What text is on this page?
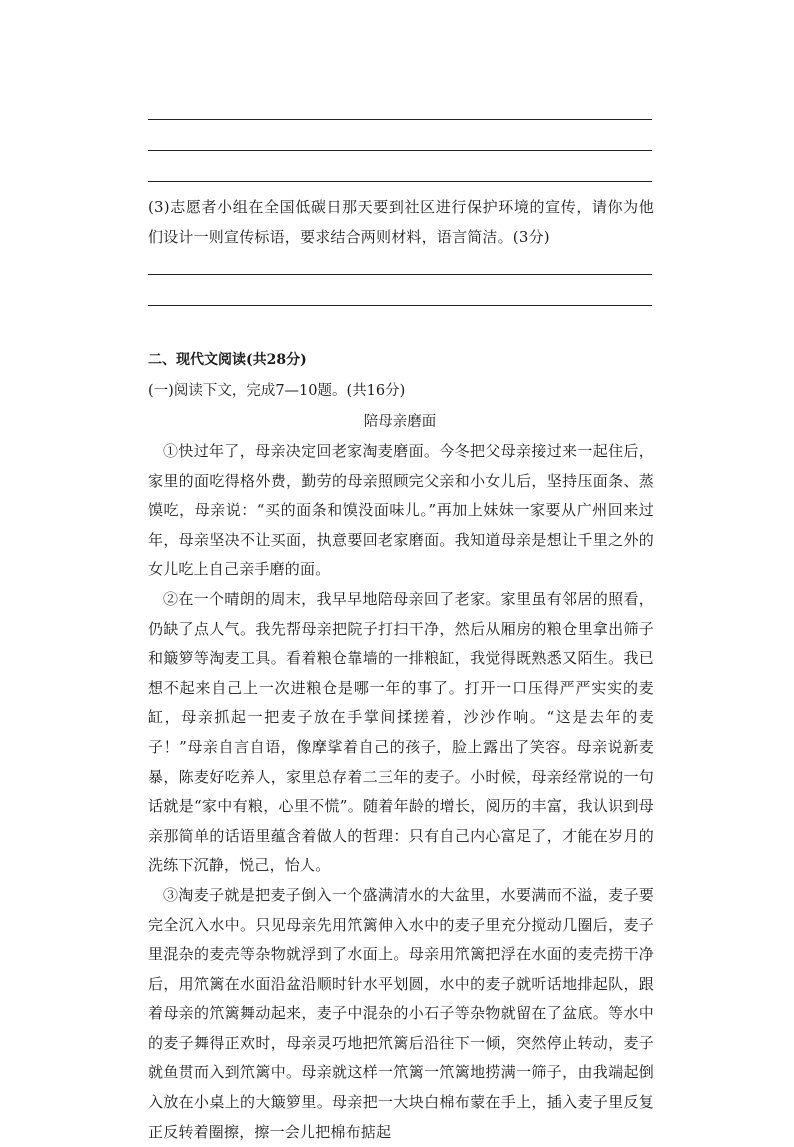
(3)志愿者小组在全国低碳日那天要到社区进行保护环境的宣传，请你为他们设计一则宣传标语，要求结合两则材料，语言简洁。(3分)

二、现代文阅读(共28分)
(一)阅读下文，完成7—10题。(共16分)
陪母亲磨面

①快过年了，母亲决定回老家淘麦磨面。今冬把父母亲接过来一起住后，家里的面吃得格外费，勤劳的母亲照顾完父亲和小女儿后，坚持压面条、蒸馍吃，母亲说：“买的面条和馍没面味儿。”再加上妹妹一家要从广州回来过年，母亲坚决不让买面，执意要回老家磨面。我知道母亲是想让千里之外的女儿吃上自己亲手磨的面。

②在一个晴朗的周末，我早早地陪母亲回了老家。家里虽有邻居的照看，仍缺了点人气。我先帮母亲把院子打扫干净，然后从厢房的粮仓里拿出筛子和簸箩等淘麦工具。看着粮仓靠墙的一排粮缸，我觉得既熟悉又陌生。我已想不起来自己上一次进粮仓是哪一年的事了。打开一口压得严严实实的麦缸，母亲抓起一把麦子放在手掌间揉搓着，沙沙作响。“这是去年的麦子！”母亲自言自语，像摩挲着自己的孩子，脸上露出了笑容。母亲说新麦暴，陈麦好吃养人，家里总存着二三年的麦子。小时候，母亲经常说的一句话就是“家中有粮，心里不慌”。随着年龄的增长，阅历的丰富，我认识到母亲那简单的话语里蕴含着做人的哲理：只有自己内心富足了，才能在岁月的洗练下沉静，悦己，怡人。

③淘麦子就是把麦子倒入一个盛满清水的大盆里，水要满而不溢，麦子要完全沉入水中。只见母亲先用笊篱伸入水中的麦子里充分搅动几圈后，麦子里混杂的麦壳等杂物就浮到了水面上。母亲用笊篱把浮在水面的麦壳捞干净后，用笊篱在水面沿盆沿顺时针水平划圆，水中的麦子就听话地排起队，跟着母亲的笊篱舞动起来，麦子中混杂的小石子等杂物就留在了盆底。等水中的麦子舞得正欢时，母亲灵巧地把笊篱后沿往下一倾，突然停止转动，麦子就鱼贯而入到笊篱中。母亲就这样一笊篱一笊篱地捞满一筛子，由我端起倒入放在小桌上的大簸箩里。母亲把一大块白棉布蒙在手上，插入麦子里反复正反转着圈擦，擦一会儿把棉布掂起
